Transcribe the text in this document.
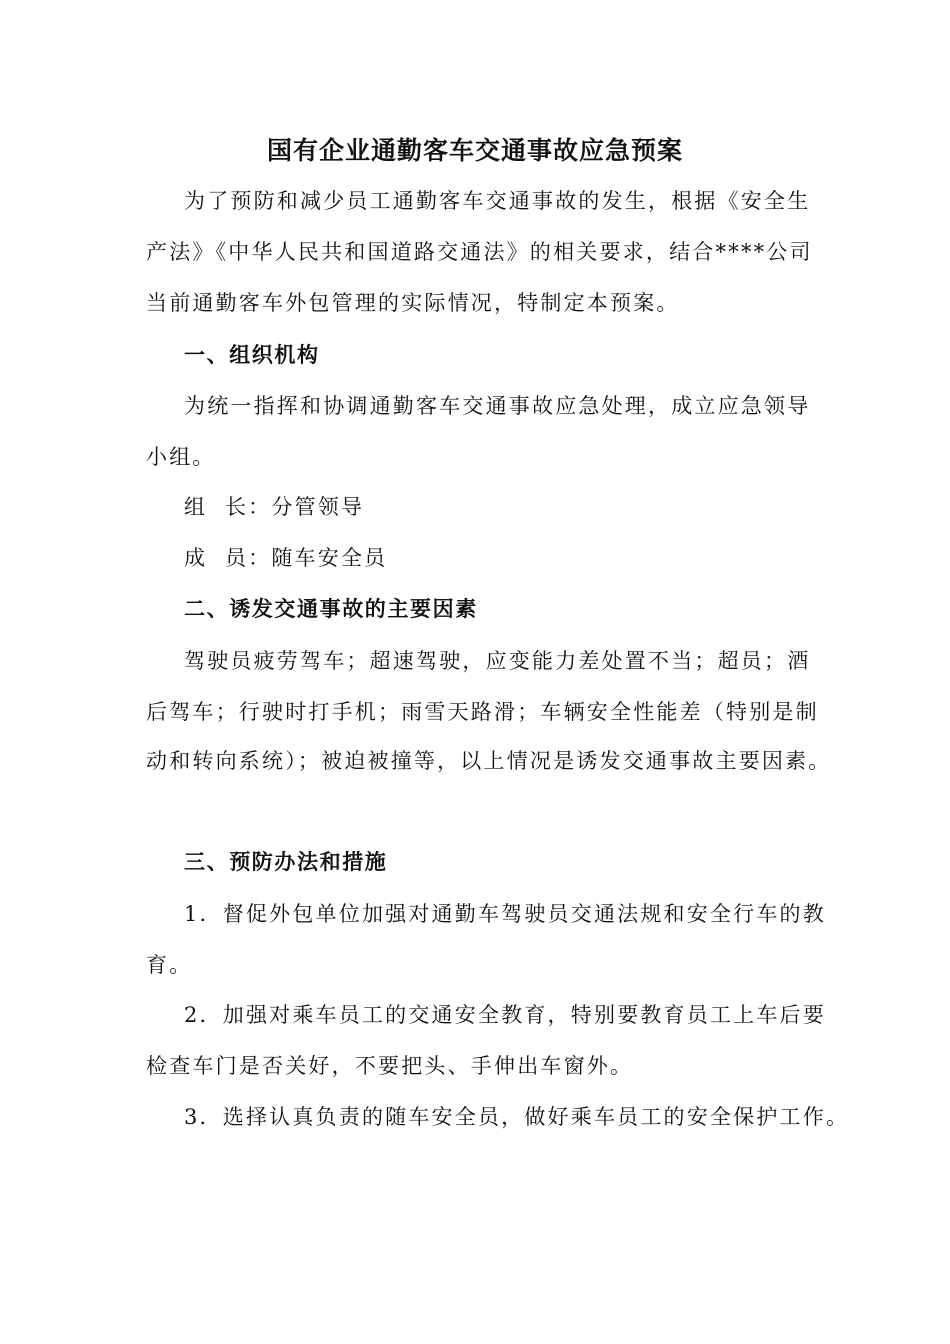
国有企业通勤客车交通事故应急预案
为了预防和减少员工通勤客车交通事故的发生，根据《安全生
产法》《中华人民共和国道路交通法》的相关要求，结合****公司
当前通勤客车外包管理的实际情况，特制定本预案。
一、组织机构
为统一指挥和协调通勤客车交通事故应急处理，成立应急领导
小组。
组  长：分管领导
成  员：随车安全员
二、诱发交通事故的主要因素
驾驶员疲劳驾车；超速驾驶，应变能力差处置不当；超员；酒
后驾车；行驶时打手机；雨雪天路滑；车辆安全性能差（特别是制
动和转向系统）；被迫被撞等，以上情况是诱发交通事故主要因素。
三、预防办法和措施
1．督促外包单位加强对通勤车驾驶员交通法规和安全行车的教
育。
2．加强对乘车员工的交通安全教育，特别要教育员工上车后要
检查车门是否关好，不要把头、手伸出车窗外。
3．选择认真负责的随车安全员，做好乘车员工的安全保护工作。
